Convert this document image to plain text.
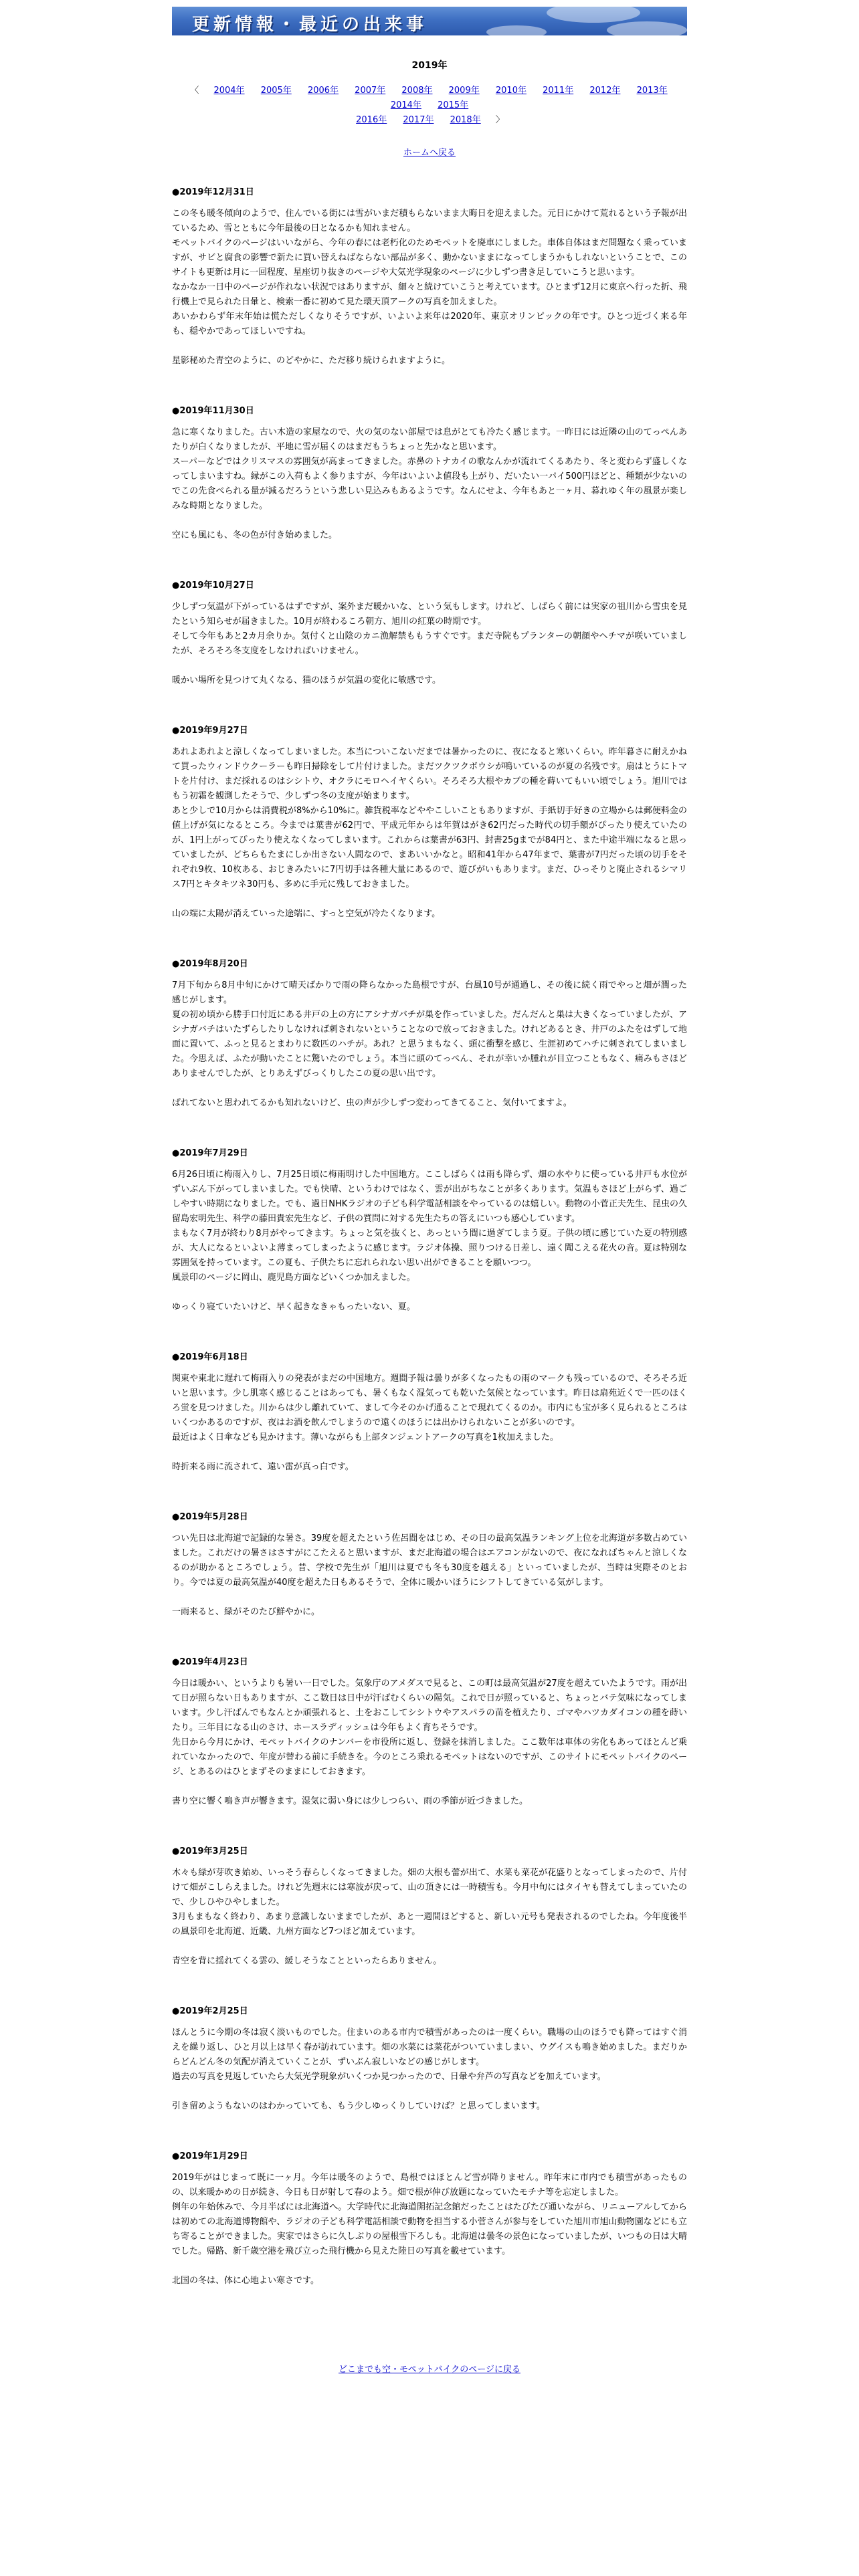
更新情報・最近の出来事
2019年
〈 2004年 2005年 2006年 2007年 2008年 2009年 2010年 2011年 2012年 2013年 2014年 2015年
2016年 2017年 2018年 〉
ホームへ戻る
●2019年12月31日

この冬も暖冬傾向のようで、住んでいる街には雪がいまだ積もらないまま大晦日を迎えました。元日にかけて荒れるという予報が出ているため、雪とともに今年最後の日となるかも知れません。

モペットバイクのページはいいながら、今年の春には老朽化のためモペットを廃車にしました。車体自体はまだ問題なく乗っていますが、サビと腐食の影響で新たに買い替えねばならない部品が多く、動かないままになってしまうかもしれないということで、このサイトも更新は月に一回程度、星座切り抜きのページや大気光学現象のページに少しずつ書き足していこうと思います。

なかなか一日中のページが作れない状況ではありますが、細々と続けていこうと考えています。ひとまず12月に東京へ行った折、飛行機上で見られた日暈と、検索一番に初めて見た環天頂アークの写真を加えました。

あいかわらず年末年始は慌ただしくなりそうですが、いよいよ来年は2020年、東京オリンピックの年です。ひとつ近づく来る年も、穏やかであってほしいですね。

星影秘めた青空のように、のどやかに、ただ移り続けられますように。
●2019年11月30日

急に寒くなりました。古い木造の家屋なので、火の気のない部屋では息がとても冷たく感じます。一昨日には近隣の山のてっぺんあたりが白くなりましたが、平地に雪が届くのはまだもうちょっと先かなと思います。

スーパーなどではクリスマスの雰囲気が高まってきました。赤鼻のトナカイの歌なんかが流れてくるあたり、冬と変わらず盛しくなってしまいますね。縁がこの入荷もよく参りますが、今年はいよいよ値段も上がり、だいたい一パイ500円ほどと、種類が少ないのでこの先食べられる量が減るだろうという悲しい見込みもあるようです。なんにせよ、今年もあと一ヶ月、暮れゆく年の風景が楽しみな時期となりました。

空にも風にも、冬の色が付き始めました。
●2019年10月27日

少しずつ気温が下がっているはずですが、案外まだ暖かいな、という気もします。けれど、しばらく前には実家の祖川から雪虫を見たという知らせが届きました。10月が終わるころ朝方、旭川の紅葉の時期です。

そして今年もあと2カ月余りか。気付くと山陰のカニ漁解禁ももうすぐです。まだ寺院もプランターの朝顔やヘチマが咲いていましたが、そろそろ冬支度をしなければいけません。

暖かい場所を見つけて丸くなる、猫のほうが気温の変化に敏感です。
●2019年9月27日

あれよあれよと涼しくなってしまいました。本当についこないだまでは暑かったのに、夜になると寒いくらい。昨年暮さに耐えかねて買ったウィンドウクーラーも昨日掃除をして片付けました。まだツクツクボウシが鳴いているのが夏の名残です。扇はとうにトマトを片付け、まだ採れるのはシシトウ、オクラにモロヘイヤくらい。そろそろ大根やカブの種を蒔いてもいい頃でしょう。旭川ではもう初霜を観測したそうで、少しずつ冬の支度が始まります。

あと少しで10月からは消費税が8%から10%に。雑貨税率などややこしいこともありますが、手紙切手好きの立場からは郵便料金の値上げが気になるところ。今までは葉書が62円で、平成元年からは年賀はがき62円だった時代の切手額がぴったり使えていたのが、1円上がってぴったり使えなくなってしまいます。これからは葉書が63円、封書25gまでが84円と、また中途半端になると思っていましたが、どちらもたまにしか出さない人間なので、まあいいかなと。昭和41年から47年まで、葉書が7円だった頃の切手をそれぞれ9枚、10枚ある、おじきみたいに7円切手は各種大量にあるので、遊びがいもあります。まだ、ひっそりと廃止されるシマリス7円とキタキツネ30円も、多めに手元に残しておきました。

山の端に太陽が消えていった途端に、すっと空気が冷たくなります。
●2019年8月20日

7月下旬から8月中旬にかけて晴天ばかりで雨の降らなかった島根ですが、台風10号が通過し、その後に続く雨でやっと畑が潤った感じがします。

夏の初め頃から勝手口付近にある井戸の上の方にアシナガバチが巣を作っていました。だんだんと巣は大きくなっていましたが、アシナガバチはいたずらしたりしなければ刺されないということなので放っておきました。けれどあるとき、井戸のふたをはずして地面に置いて、ふっと見るとまわりに数匹のハチが。あれ？と思うまもなく、頭に衝撃を感じ、生涯初めてハチに刺されてしまいました。今思えば、ふたが動いたことに驚いたのでしょう。本当に頭のてっぺん、それが幸いか腫れが目立つこともなく、痛みもさほどありませんでしたが、とりあえずびっくりしたこの夏の思い出です。

ぱれてないと思われてるかも知れないけど、虫の声が少しずつ変わってきてること、気付いてますよ。
●2019年7月29日

6月26日頃に梅雨入りし、7月25日頃に梅雨明けした中国地方。ここしばらくは雨も降らず、畑の水やりに使っている井戸も水位がずいぶん下がってしまいました。でも快晴、というわけではなく、雲が出がちなことが多くあります。気温もさほど上がらず、過ごしやすい時期になりました。でも、過日NHKラジオの子ども科学電話相談をやっているのは嬉しい。動物の小菅正夫先生、昆虫の久留島宏明先生、科学の藤田貴宏先生など、子供の質問に対する先生たちの答えにいつも感心しています。

まもなく7月が終わり8月がやってきます。ちょっと気を抜くと、あっという間に過ぎてしまう夏。子供の頃に感じていた夏の特別感が、大人になるといよいよ薄まってしまったように感じます。ラジオ体操、照りつける日差し、遠く聞こえる花火の音。夏は特別な雰囲気を持っています。この夏も、子供たちに忘れられない思い出ができることを願いつつ。

風景印のページに岡山、鹿児島方面などいくつか加えました。

ゆっくり寝ていたいけど、早く起きなきゃもったいない、夏。
●2019年6月18日

関東や東北に遅れて梅雨入りの発表がまだの中国地方。週間予報は曇りが多くなったもの雨のマークも残っているので、そろそろ近いと思います。少し肌寒く感じることはあっても、暑くもなく湿気っても乾いた気候となっています。昨日は扇苑近くで一匹のほくろ蛍を見つけました。川からは少し離れていて、まして今そのかげ通ることで現れてくるのか。市内にも宝が多く見られるところはいくつかあるのですが、夜はお酒を飲んでしまうので遠くのほうには出かけられないことが多いのです。

最近はよく日傘なども見かけます。薄いながらも上部タンジェントアークの写真を1枚加えました。

時折来る雨に流されて、遠い雷が真っ白です。
●2019年5月28日

つい先日は北海道で記録的な暑さ。39度を超えたという佐呂間をはじめ、その日の最高気温ランキング上位を北海道が多数占めていました。これだけの暑さはさすがにこたえると思いますが、まだ北海道の場合はエアコンがないので、夜になればちゃんと涼しくなるのが助かるところでしょう。昔、学校で先生が「旭川は夏でも冬も30度を越える」といっていましたが、当時は実際そのとおり。今では夏の最高気温が40度を超えた日もあるそうで、全体に暖かいほうにシフトしてきている気がします。

一雨来ると、緑がそのたび鮮やかに。
●2019年4月23日

今日は暖かい、というよりも暑い一日でした。気象庁のアメダスで見ると、この町は最高気温が27度を超えていたようです。雨が出て日が照らない日もありますが、ここ数日は日中が汗ばむくらいの陽気。これで日が照っていると、ちょっとバテ気味になってしまいます。少し汗ばんでもなんとか頑張れると、土をおこしてシシトウやアスパラの苗を植えたり、ゴマやハツカダイコンの種を蒔いたり。三年目になる山のさけ、ホースラディッシュは今年もよく育ちそうです。

先日から今月にかけ、モペットバイクのナンバーを市役所に返し、登録を抹消しました。ここ数年は車体の劣化もあってほとんど乗れていなかったので、年度が替わる前に手続きを。今のところ乗れるモペットはないのですが、このサイトにモペットバイクのページ、とあるのはひとまずそのままにしておきます。

書り空に響く鳴き声が響きます。湿気に弱い身には少しつらい、雨の季節が近づきました。
●2019年3月25日

木々も緑が芽吹き始め、いっそう春らしくなってきました。畑の大根も蕾が出て、水菜も菜花が花盛りとなってしまったので、片付けて畑がこしらえました。けれど先週末には寒波が戻って、山の頂きには一時積雪も。今月中旬にはタイヤも替えてしまっていたので、少しひやひやしました。

3月もまもなく終わり、あまり意識しないままでしたが、あと一週間ほどすると、新しい元号も発表されるのでしたね。今年度後半の風景印を北海道、近畿、九州方面など7つほど加えています。

青空を背に揺れてくる雲の、緩しそうなことといったらありません。
●2019年2月25日

ほんとうに今期の冬は寂く淡いものでした。住まいのある市内で積雪があったのは一度くらい。職場の山のほうでも降ってはすぐ消えを繰り返し、ひと月以上は早く春が訪れています。畑の水菜には菜花がついていましまい、ウグイスも鳴き始めました。まだりからどんどん冬の気配が消えていくことが、ずいぶん寂しいなどの感じがします。

過去の写真を見返していたら大気光学現象がいくつか見つかったので、日暈や弁芦の写真などを加えています。

引き留めようもないのはわかっていても、もう少しゆっくりしていけば？と思ってしまいます。
●2019年1月29日

2019年がはじまって既に一ヶ月。今年は暖冬のようで、島根ではほとんど雪が降りません。昨年末に市内でも積雪があったものの、以来暖かめの日が続き、今日も日が射して春のよう。畑で根が伸び放題になっていたモチナ等を忘定しました。

例年の年始休みで、今月半ばには北海道へ。大学時代に北海道開拓記念館だったことはたびたび通いながら、リニューアルしてからは初めての北海道博物館や、ラジオの子ども科学電話相談で動物を担当する小菅さんが参与をしていた旭川市旭山動物園などにも立ち寄ることができました。実家ではさらに久しぶりの屋根雪下ろしも。北海道は曇冬の景色になっていましたが、いつもの日は大晴でした。帰路、新千歳空港を飛び立った飛行機から見えた陸日の写真を載せています。

北国の冬は、体に心地よい寒さです。
どこまでも空・モペットバイクのページに戻る
